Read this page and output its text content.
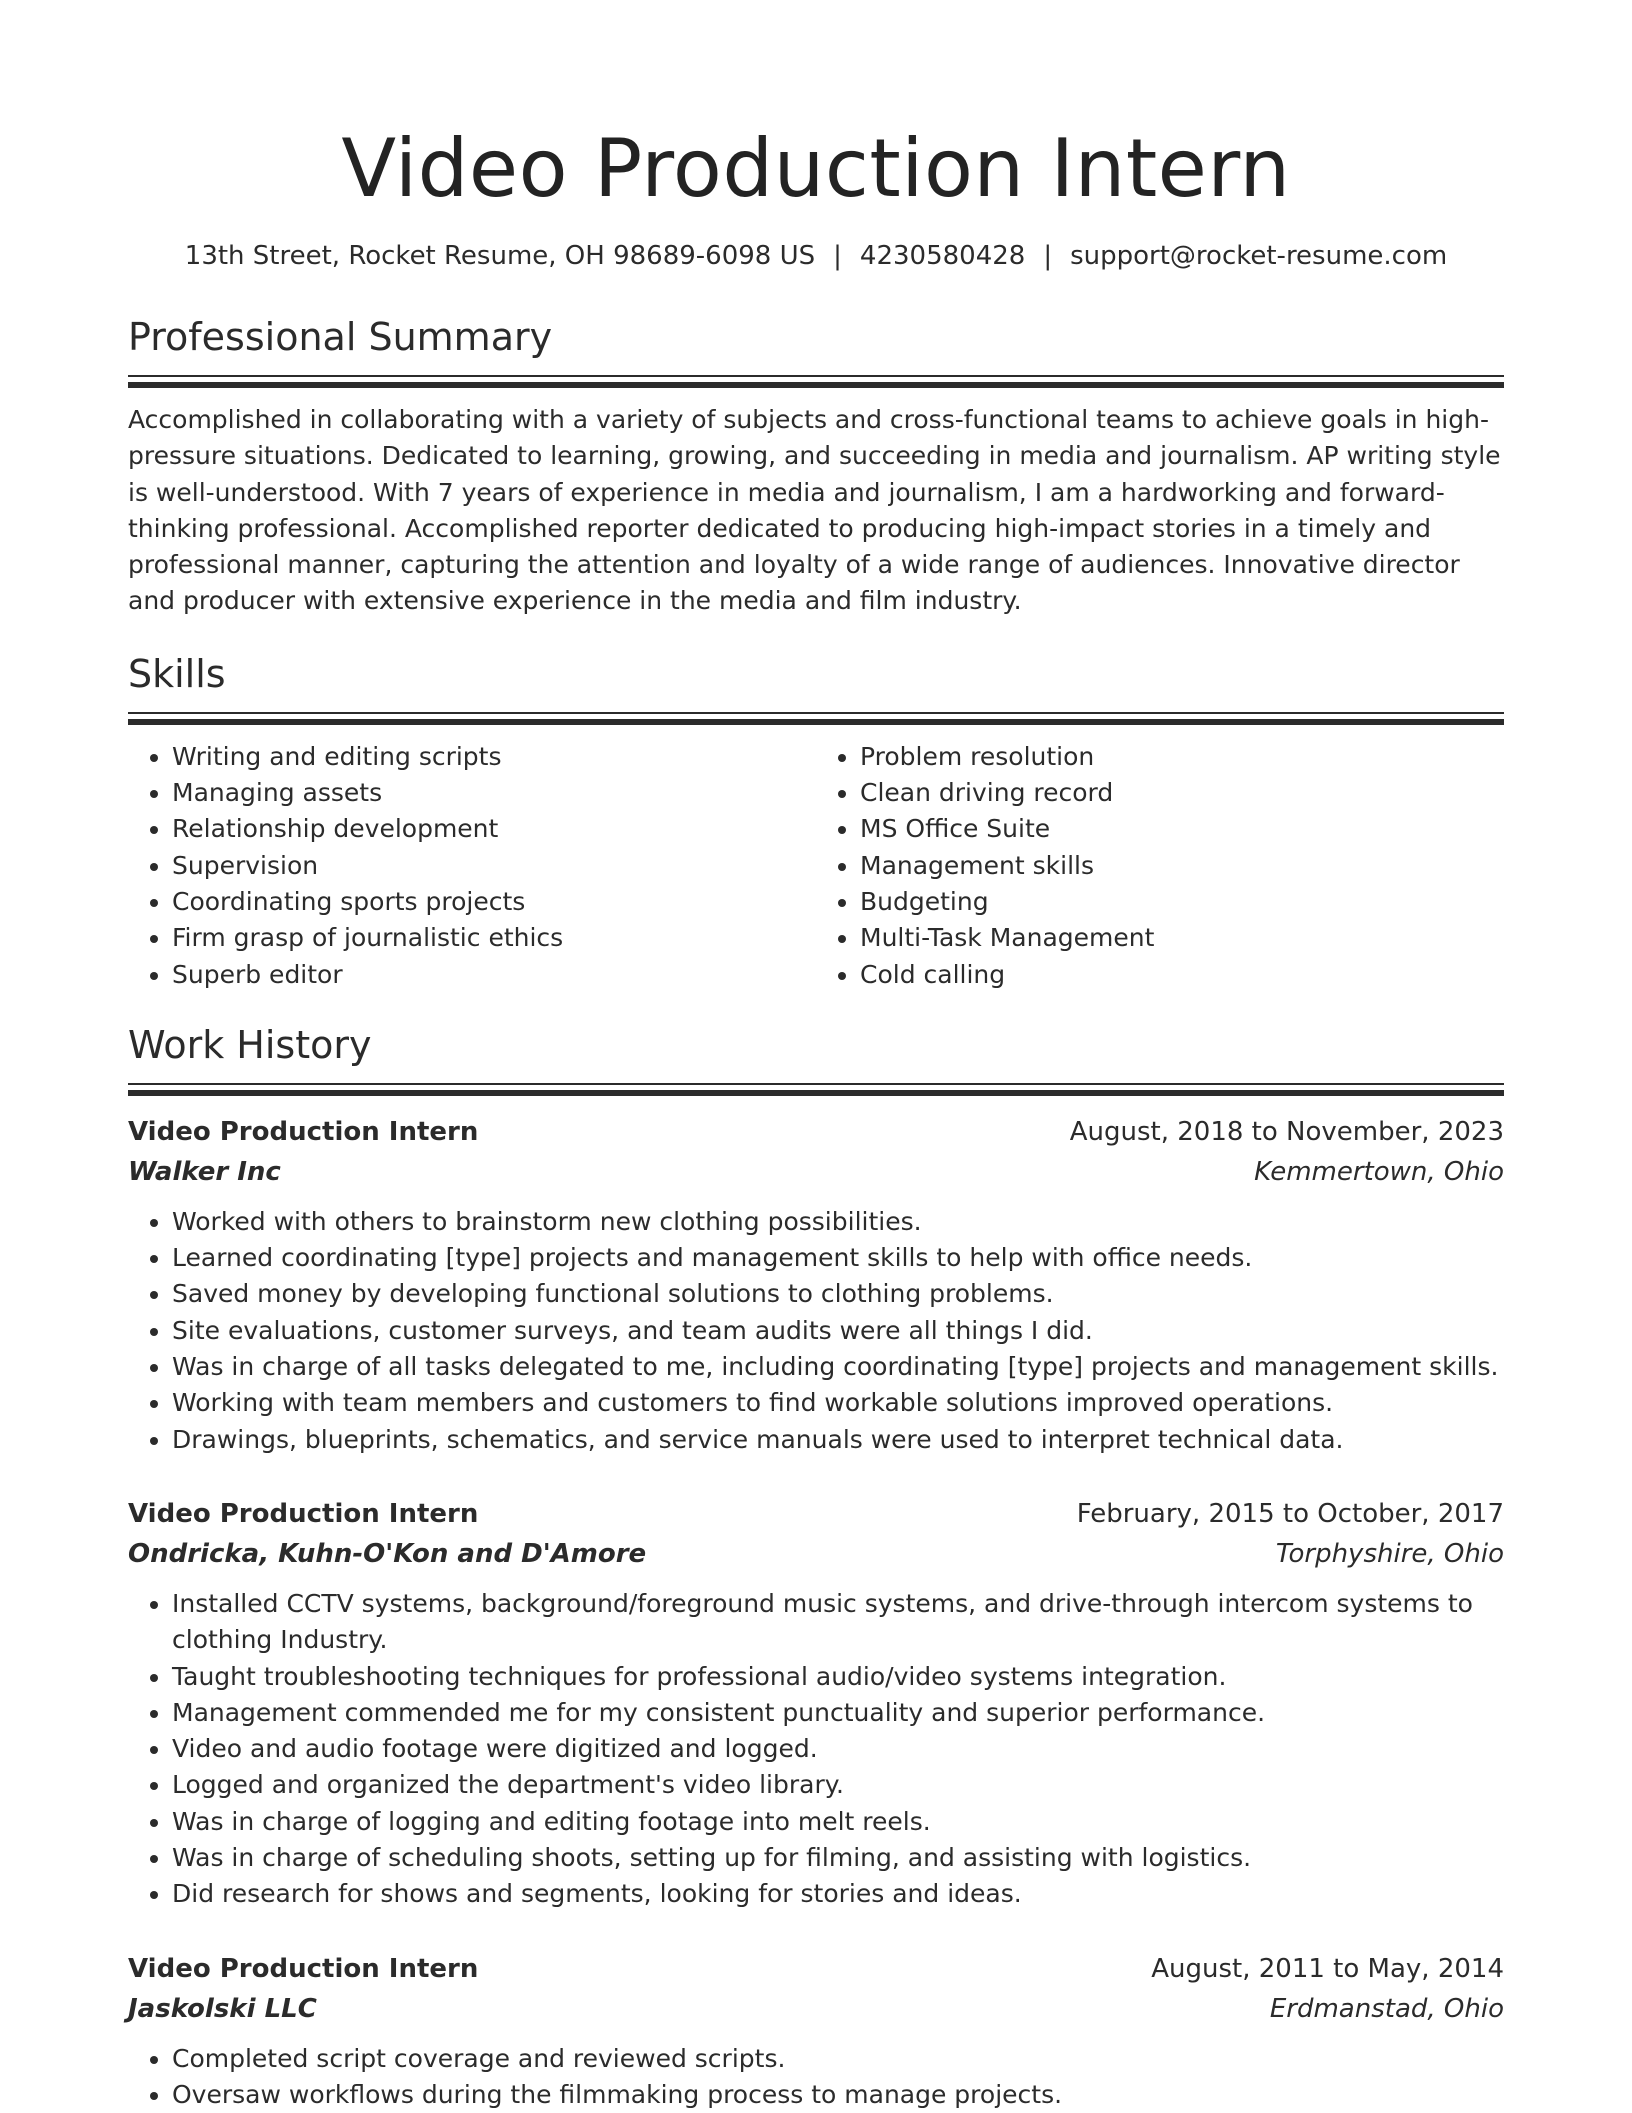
Video Production Intern
13th Street, Rocket Resume, OH 98689-6098 US | 4230580428 | support@rocket-resume.com
Professional Summary

Accomplished in collaborating with a variety of subjects and cross-functional teams to achieve goals in high-pressure situations. Dedicated to learning, growing, and succeeding in media and journalism. AP writing style is well-understood. With 7 years of experience in media and journalism, I am a hardworking and forward-thinking professional. Accomplished reporter dedicated to producing high-impact stories in a timely and professional manner, capturing the attention and loyalty of a wide range of audiences. Innovative director and producer with extensive experience in the media and film industry.

Skills
• Writing and editing scripts
• Managing assets
• Relationship development
• Supervision
• Coordinating sports projects
• Firm grasp of journalistic ethics
• Superb editor
• Problem resolution
• Clean driving record
• MS Office Suite
• Management skills
• Budgeting
• Multi-Task Management
• Cold calling
Work History
Video Production Intern	August, 2018 to November, 2023
Walker Inc	Kemmertown, Ohio
• Worked with others to brainstorm new clothing possibilities.
• Learned coordinating [type] projects and management skills to help with office needs.
• Saved money by developing functional solutions to clothing problems.
• Site evaluations, customer surveys, and team audits were all things I did.
• Was in charge of all tasks delegated to me, including coordinating [type] projects and management skills.
• Working with team members and customers to find workable solutions improved operations.
• Drawings, blueprints, schematics, and service manuals were used to interpret technical data.
Video Production Intern	February, 2015 to October, 2017
Ondricka, Kuhn-O'Kon and D'Amore	Torphyshire, Ohio
• Installed CCTV systems, background/foreground music systems, and drive-through intercom systems to clothing Industry.
• Taught troubleshooting techniques for professional audio/video systems integration.
• Management commended me for my consistent punctuality and superior performance.
• Video and audio footage were digitized and logged.
• Logged and organized the department's video library.
• Was in charge of logging and editing footage into melt reels.
• Was in charge of scheduling shoots, setting up for filming, and assisting with logistics.
• Did research for shows and segments, looking for stories and ideas.
Video Production Intern	August, 2011 to May, 2014
Jaskolski LLC	Erdmanstad, Ohio
• Completed script coverage and reviewed scripts.
• Oversaw workflows during the filmmaking process to manage projects.
